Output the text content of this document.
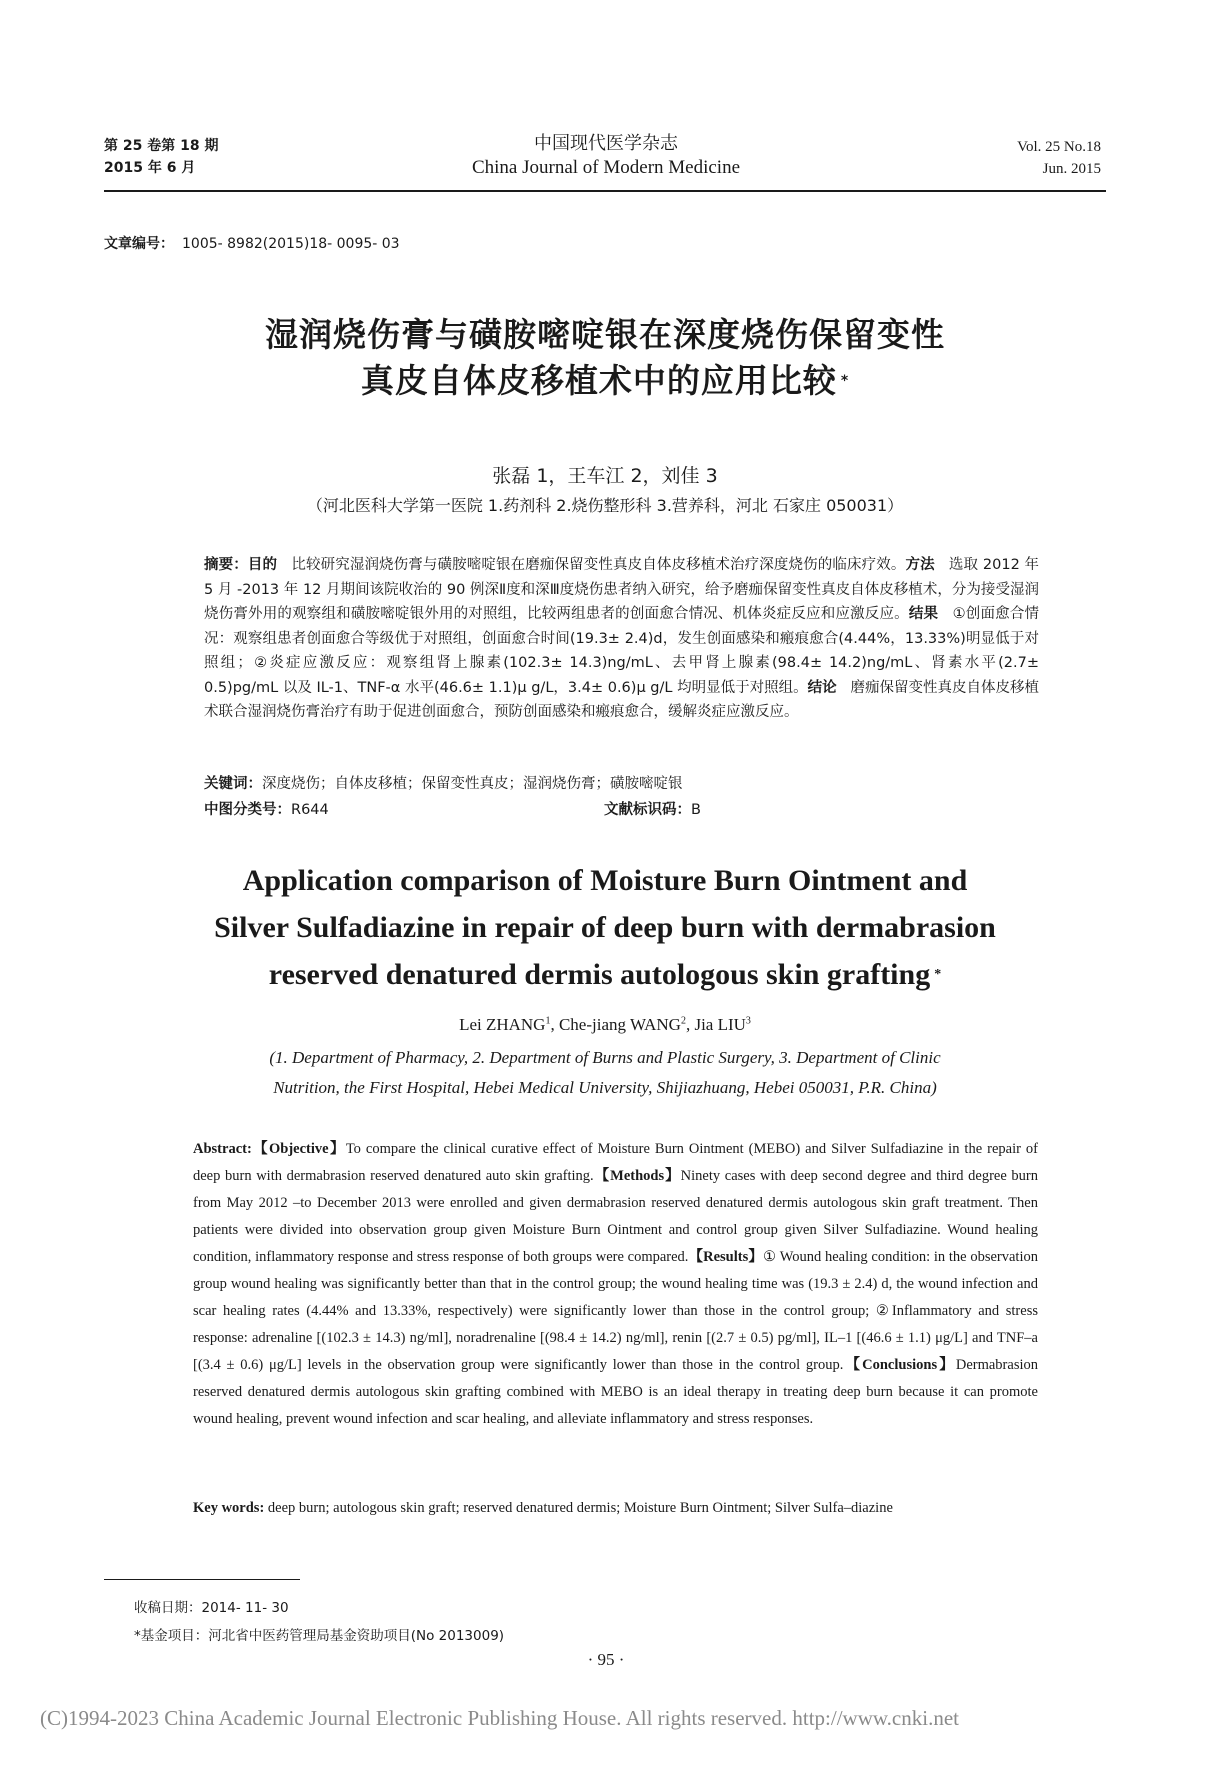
第 25 卷第 18 期
2015 年 6 月
中国现代医学杂志
China Journal of Modern Medicine
Vol. 25 No.18
Jun. 2015
文章编号： 1005- 8982(2015)18- 0095- 03
湿润烧伤膏与磺胺嘧啶银在深度烧伤保留变性
真皮自体皮移植术中的应用比较 *
张磊 1，王车江 2，刘佳 3
（河北医科大学第一医院 1.药剂科 2.烧伤整形科 3.营养科，河北 石家庄 050031）
摘要：目的 比较研究湿润烧伤膏与磺胺嘧啶银在磨痂保留变性真皮自体皮移植术治疗深度烧伤的临床疗效。方法 选取 2012 年 5 月 -2013 年 12 月期间该院收治的 90 例深Ⅱ度和深Ⅲ度烧伤患者纳入研究，给予磨痂保留变性真皮自体皮移植术，分为接受湿润烧伤膏外用的观察组和磺胺嘧啶银外用的对照组，比较两组患者的创面愈合情况、机体炎症反应和应激反应。结果 ①创面愈合情况：观察组患者创面愈合等级优于对照组，创面愈合时间(19.3± 2.4)d，发生创面感染和瘢痕愈合(4.44%，13.33%)明显低于对照组；②炎症应激反应：观察组肾上腺素(102.3± 14.3)ng/mL、去甲肾上腺素(98.4± 14.2)ng/mL、肾素水平(2.7± 0.5)pg/mL 以及 IL-1、TNF-α 水平(46.6± 1.1)μ g/L，3.4± 0.6)μ g/L 均明显低于对照组。结论 磨痂保留变性真皮自体皮移植术联合湿润烧伤膏治疗有助于促进创面愈合，预防创面感染和瘢痕愈合，缓解炎症应激反应。
关键词：深度烧伤；自体皮移植；保留变性真皮；湿润烧伤膏；磺胺嘧啶银
中图分类号：R644	文献标识码：B
Application comparison of Moisture Burn Ointment and
Silver Sulfadiazine in repair of deep burn with dermabrasion
reserved denatured dermis autologous skin grafting *
Lei ZHANG$^1$, Che-jiang WANG$^2$, Jia LIU$^3$
(1. Department of Pharmacy, 2. Department of Burns and Plastic Surgery, 3. Department of Clinic
Nutrition, the First Hospital, Hebei Medical University, Shijiazhuang, Hebei 050031, P.R. China)
Abstract:【Objective】To compare the clinical curative effect of Moisture Burn Ointment (MEBO) and Silver Sulfadiazine in the repair of deep burn with dermabrasion reserved denatured auto skin grafting.【Methods】Ninety cases with deep second degree and third degree burn from May 2012 –to December 2013 were enrolled and given dermabrasion reserved denatured dermis autologous skin graft treatment. Then patients were divided into observation group given Moisture Burn Ointment and control group given Silver Sulfadiazine. Wound healing condition, inflammatory response and stress response of both groups were compared.【Results】① Wound healing condition: in the observation group wound healing was significantly better than that in the control group; the wound healing time was (19.3 ± 2.4) d, the wound infection and scar healing rates (4.44% and 13.33%, respectively) were significantly lower than those in the control group; ②Inflammatory and stress response: adrenaline [(102.3 ± 14.3) ng/ml], noradrenaline [(98.4 ± 14.2) ng/ml], renin [(2.7 ± 0.5) pg/ml], IL–1 [(46.6 ± 1.1) μg/L] and TNF–a [(3.4 ± 0.6) μg/L] levels in the observation group were significantly lower than those in the control group.【Conclusions】Dermabrasion reserved denatured dermis autologous skin grafting combined with MEBO is an ideal therapy in treating deep burn because it can promote wound healing, prevent wound infection and scar healing, and alleviate inflammatory and stress responses.
Key words: deep burn; autologous skin graft; reserved denatured dermis; Moisture Burn Ointment; Silver Sulfa–diazine
收稿日期：2014- 11- 30
*基金项目：河北省中医药管理局基金资助项目(No 2013009)
· 95 ·
(C)1994-2023 China Academic Journal Electronic Publishing House. All rights reserved. http://www.cnki.net
